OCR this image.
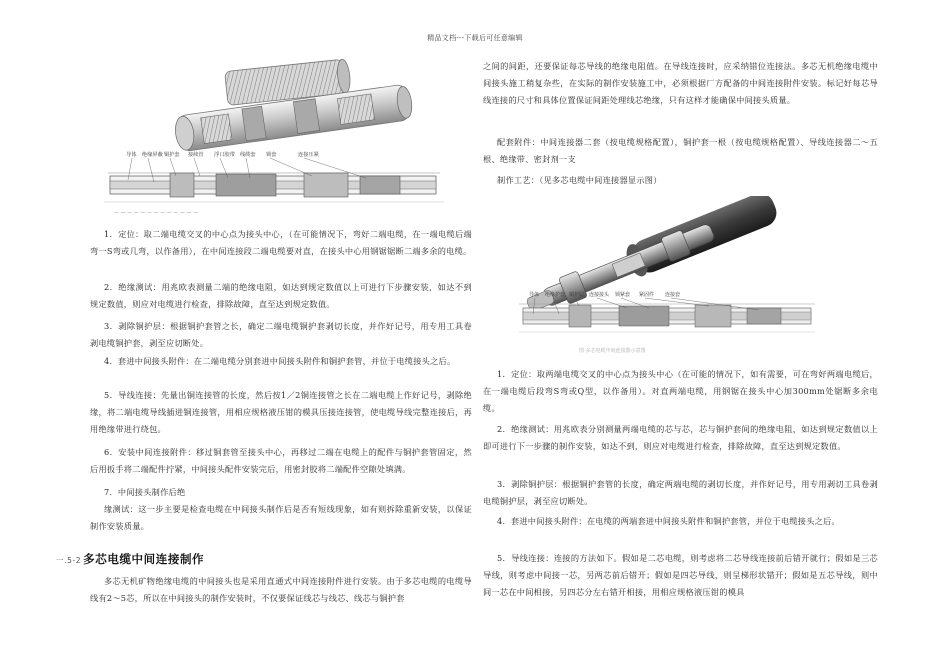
精品文档---下载后可任意编辑
— — — — — — — — — — — — —
导体 绝缘屏蔽 铜护套 接续管 浮口胶带 线缆套 锁套	连接压紧
1．定位：取二端电缆交叉的中心点为接头中心，（在可能情况下，弯好二端电缆，在一端电缆后端弯一S弯或几弯，以作备用），在中间连接段二端电缆要对直，在接头中心用钢锯锯断二端多余的电缆。
2．绝缘测试：用兆欧表测量二端的绝缘电阻，如达到规定数值以上可进行下步骤安装，如达不到规定数值，则应对电缆进行检查，排除故障，直至达到规定数值。
3．剥除铜护层：根据铜护套管之长，确定二端电缆铜护套剥切长度，并作好记号，用专用工具卷剥电缆铜护套，剥至应切断处。
4．套进中间接头附件：在二端电缆分别套进中间接头附件和铜护套管，并位于电缆接头之后。
5．导线连接：先量出铜连接管的长度，然后按1／2铜连接管之长在二端电缆上作好记号，剥除绝缘，将二端电缆导线插进铜连接管，用相应规格液压钳的模具压接连接管，使电缆导线完整连接后，再用绝缘带进行绕包。
6．安装中间连接附件：移过铜套管至接头中心，再移过二端在电缆上的配件与铜护套管固定，然后用扳手将二端配件拧紧，中间接头配件安装完后，用密封胶将二端配件空隙处填满。
7．中间接头制作后绝
缘测试：这一步主要是检查电缆在中间接头制作后是否有短线现象，如有则拆除重新安装，以保证制作安装质量。
一.5-2 多芯电缆中间连接制作
多芯无机矿物绝缘电缆的中间接头也是采用直通式中间连接附件进行安装。由于多芯电缆的电缆导线有2～5芯，所以在中间接头的制作安装时，不仅要保证线芯与线芯、线芯与铜护套
之间的间距，还要保证每芯导线的绝缘电阻值。在导线连接时，应采纳错位连接法。多芯无机绝缘电缆中间接头施工稍复杂些，在实际的制作安装施工中，必须根据厂方配备的中间连接附件安装。标记好每芯导线连接的尺寸和具体位置保证间距处理线芯绝缘，只有这样才能确保中间接头质量。
配套附件：中间连接器二套（按电缆规格配置），铜护套一根（按电缆规格配置）、导线连接器二～五根、绝缘带、密封剂一支
制作工艺：（见多芯电缆中间连接器显示图）
导体 绝缘护套 铜护层 连接接头 锁紧套 紧固件 连接套
图 多芯电缆中间连接器示意图
1．定位：取两端电缆交叉的中心点为接头中心（在可能的情况下，如有需要，可在弯好两端电缆后，在一端电缆后段弯S弯或Q型，以作备用）。对直两端电缆，用钢锯在接头中心加300mm处锯断多余电缆。
2．绝缘测试：用兆欧表分别测量两端电缆的芯与芯，芯与铜护套间的绝缘电阻，如达到规定数值以上即可进行下一步骤的制作安装，如达不到，则应对电缆进行检查，排除故障，直至达到规定数值。
3．剥除铜护层：根据铜护套管的长度，确定两端电缆的剥切长度，并作好记号，用专用剥切工具卷剥电缆铜护层，剥至应切断处。
4．套进中间接头附件：在电缆的两端套进中间接头附件和铜护套管，并位于电缆接头之后。
5．导线连接：连接的方法如下。假如是二芯电缆，则考虑将二芯导线连接前后错开就行；假如是三芯导线，则考虑中间接一芯，另两芯前后错开；假如是四芯导线，则呈梯形状错开；假如是五芯导线，则中间一芯在中间相接，另四芯分左右错开相接，用相应规格液压钳的模具
